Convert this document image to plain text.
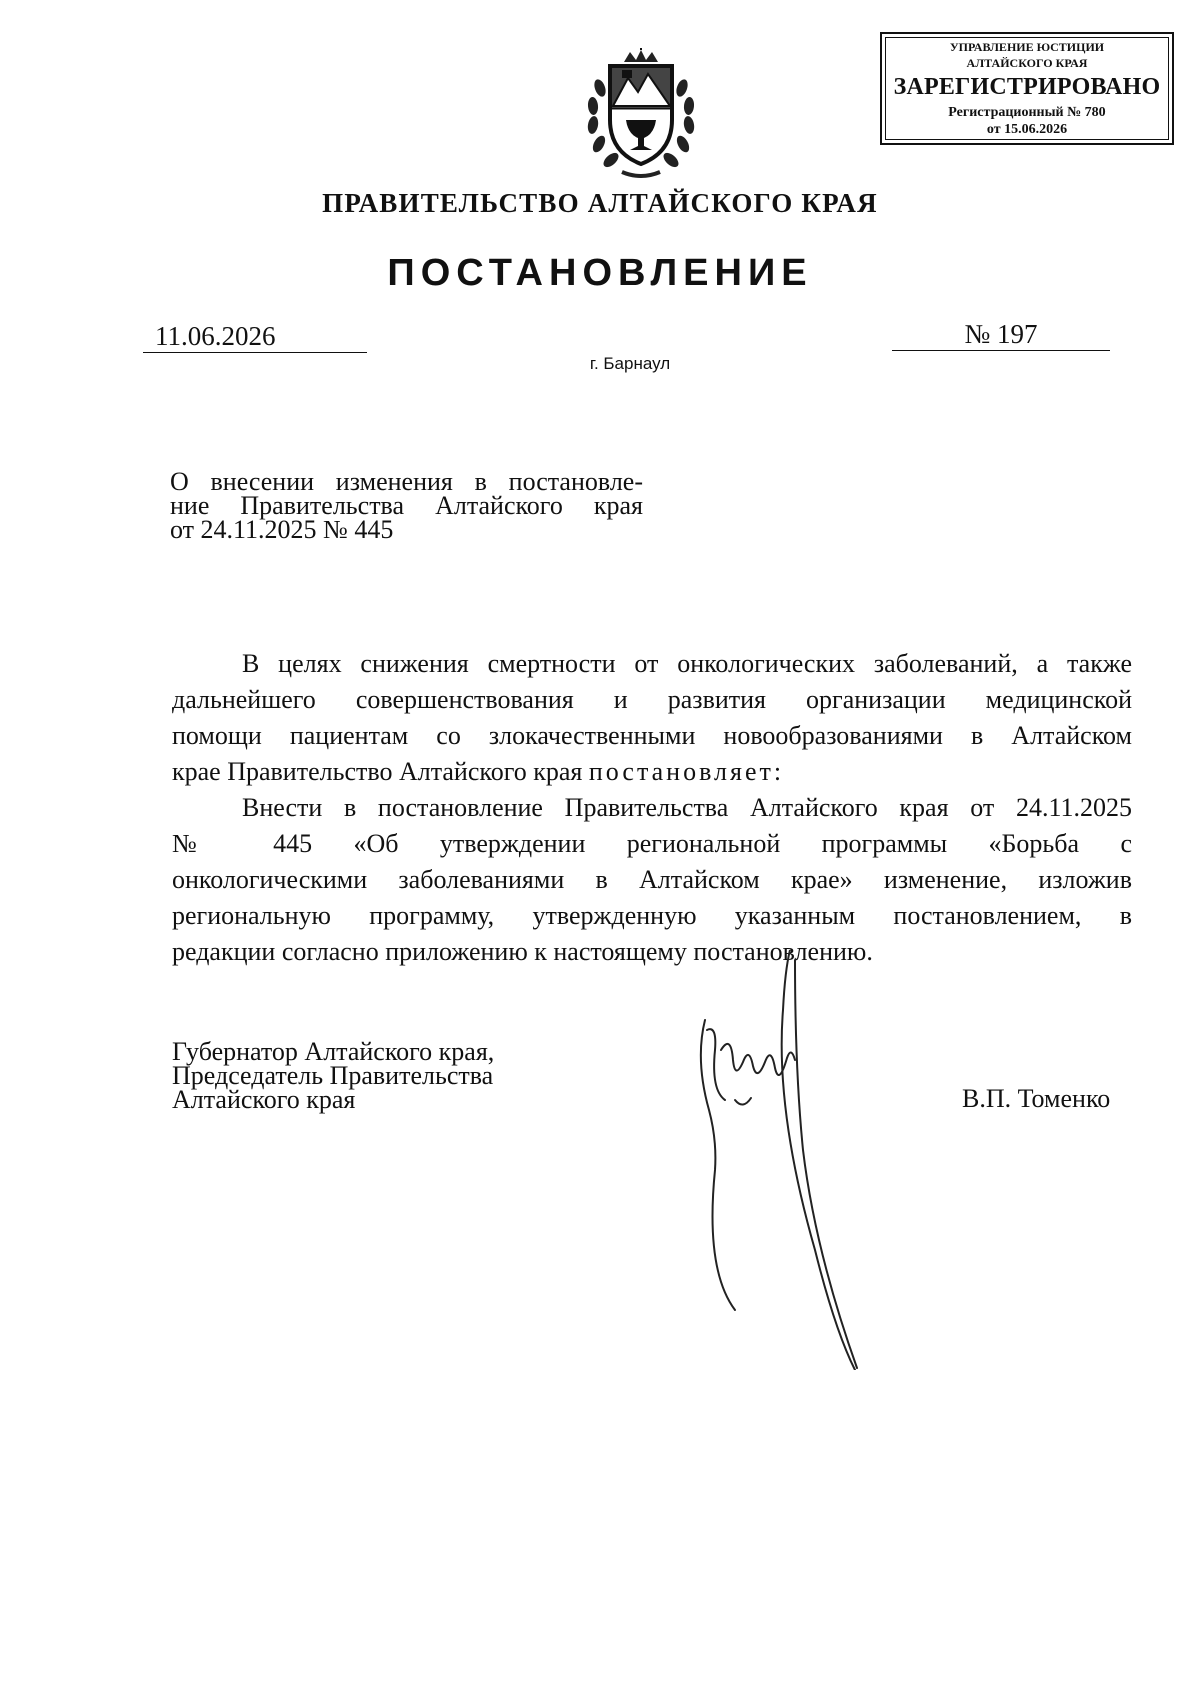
УПРАВЛЕНИЕ ЮСТИЦИИ
АЛТАЙСКОГО КРАЯ
ЗАРЕГИСТРИРОВАНО
Регистрационный № 780
от 15.06.2026
ПРАВИТЕЛЬСТВО АЛТАЙСКОГО КРАЯ
ПОСТАНОВЛЕНИЕ
11.06.2026	№ 197
г. Барнаул
О внесении изменения в постановле-
ние Правительства Алтайского края
от 24.11.2025 № 445
В целях снижения смертности от онкологических заболеваний, а также
дальнейшего совершенствования и развития организации медицинской
помощи пациентам со злокачественными новообразованиями в Алтайском
крае Правительство Алтайского края постановляет:
Внести в постановление Правительства Алтайского края от 24.11.2025
№ 445 «Об утверждении региональной программы «Борьба с
онкологическими заболеваниями в Алтайском крае» изменение, изложив
региональную программу, утвержденную указанным постановлением, в
редакции согласно приложению к настоящему постановлению.
Губернатор Алтайского края,
Председатель Правительства
Алтайского края	В.П. Томенко
